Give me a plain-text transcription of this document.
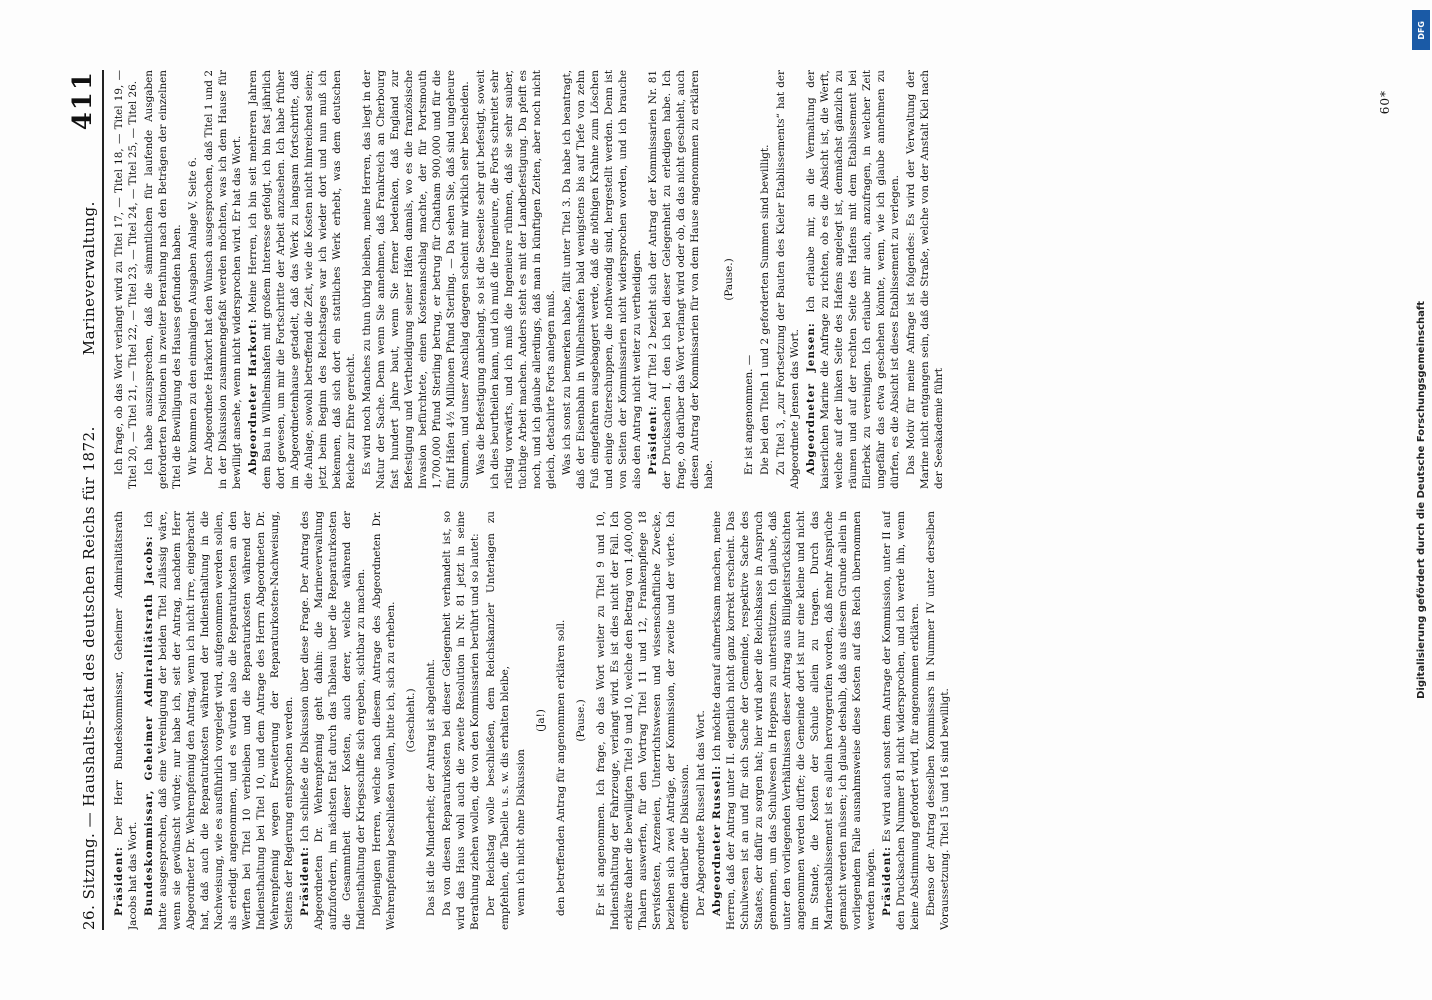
26. Sitzung. — Haushalts-Etat des deutschen Reichs für 1872.
Marineverwaltung.
411

Präsident: Der Herr Bundeskommissar, Geheimer Admiralitätsrath Jacobs hat das Wort. Bundeskommissar, Geheimer Admiralitätsrath Jacobs: Ich hatte ausgesprochen, daß eine Vereinigung der beiden Titel zulässig wäre, wenn sie gewünscht würde; nur habe ich, seit der Antrag, nachdem Herr Abgeordneter Dr. Wehrenpfennig den Antrag, wenn ich nicht irre, eingebracht hat, daß auch die Reparaturkosten während der Indiensthaltung in die Nachweisung, wie es ausführlich vorgelegt wird, aufgenommen werden sollen, als erledigt angenommen, und es würden also die Reparaturkosten an den Werften bei Titel 10 verbleiben und die Reparaturkosten während der Indiensthaltung bei Titel 10, und dem Antrage des Herrn Abgeordneten Dr. Wehrenpfennig wegen Erweiterung der Reparaturkosten-Nachweisung, Seitens der Regierung entsprochen werden. Präsident: Ich schließe die Diskussion über diese Frage. Der Antrag des Abgeordneten Dr. Wehrenpfennig geht dahin: die Marineverwaltung aufzufordern, im nächsten Etat durch das Tableau über die Reparaturkosten die Gesammtheit dieser Kosten, auch derer, welche während der Indiensthaltung der Kriegsschiffe sich ergeben, sichtbar zu machen. Diejenigen Herren, welche nach diesem Antrage des Abgeordneten Dr. Wehrenpfennig beschließen wollen, bitte ich, sich zu erheben. (Geschieht.) Das ist die Minderheit; der Antrag ist abgelehnt. Da von diesen Reparaturkosten bei dieser Gelegenheit verhandelt ist, so wird das Haus wohl auch die zweite Resolution in Nr. 81 jetzt in seine Berathung ziehen wollen, die von den Kommissarien berührt und so lautet: Der Reichstag wolle beschließen, dem Reichskanzler Unterlagen zu empfehlen, die Tabelle u. s. w. dis erhalten bleibe, wenn ich nicht ohne Diskussion

(Ja!) den betreffenden Antrag für angenommen erklären soll. (Pause.) Er ist angenommen. Ich frage, ob das Wort weiter zu Titel 9 und 10, Indiensthaltung der Fahrzeuge, verlangt wird. Es ist dies nicht der Fall. Ich erkläre daher die bewilligten Titel 9 und 10, welche den Betrag von 1,400,000 Thalern auswerfen, für den Vortrag Titel 11 und 12, Frankenpflege 18 Servisfosten, Arzeneien, Unterrichtswesen und wissenschaftliche Zwecke, beziehen sich zwei Anträge, der Kommission, der zweite und der vierte. Ich eröffne darüber die Diskussion. Der Abgeordnete Russell hat das Wort. Abgeordneter Russell: Ich möchte darauf aufmerksam machen, meine Herren, daß der Antrag unter II. eigentlich nicht ganz korrekt erscheint. Das Schulwesen ist an und für sich Sache der Gemeinde, respektive Sache des Staates, der dafür zu sorgen hat; hier wird aber die Reichskasse in Anspruch genommen, um das Schulwesen in Heppens zu unterstützen. Ich glaube, daß unter den vorliegenden Verhältnissen dieser Antrag aus Billigkeitsrücksichten angenommen werden dürfte; die Gemeinde dort ist nur eine kleine und nicht im Stande, die Kosten der Schule allein zu tragen. Durch das Marineetablissement ist es allein hervorgerufen worden, daß mehr Ansprüche gemacht werden müssen; ich glaube deshalb, daß aus diesem Grunde allein in vorliegendem Falle ausnahmsweise diese Kosten auf das Reich übernommen werden mögen. Präsident: Es wird auch sonst dem Antrage der Kommission, unter II auf den Drucksachen Nummer 81 nicht widersprochen, und ich werde ihn, wenn keine Abstimmung gefordert wird, für angenommen erklären. Ebenso der Antrag desselben Kommissars in Nummer IV unter derselben Voraussetzung. Titel 15 und 16 sind bewilligt.

Ich frage, ob das Wort verlangt wird zu Titel 17, — Titel 18, — Titel 19, — Titel 20, — Titel 21, — Titel 22, — Titel 23, — Titel 24, — Titel 25, — Titel 26. Ich habe auszusprechen, daß die sämmtlichen für laufende Ausgaben geforderten Positionen in zweiter Berathung nach den Beträgen der einzelnen Titel die Bewilligung des Hauses gefunden haben. Wir kommen zu den einmaligen Ausgaben Anlage V, Seite 6. Der Abgeordnete Harkort hat den Wunsch ausgesprochen, daß Titel 1 und 2 in der Diskussion zusammengefaßt werden möchten, was ich dem Hause für bewilligt ansehe, wenn nicht widersprochen wird. Er hat das Wort. Abgeordneter Harkort: Meine Herren, ich bin seit mehreren Jahren dem Bau in Wilhelmshafen mit großem Interesse gefolgt, ich bin fast jährlich dort gewesen, um mir die Fortschritte der Arbeit anzusehen. Ich habe früher im Abgeordnetenhause getadelt, daß das Werk zu langsam fortschritte, daß die Anlage, sowohl betreffend die Zeit, wie die Kosten nicht hinreichend seien; jetzt beim Beginn des Reichstages war ich wieder dort und nun muß ich bekennen, daß sich dort ein stattliches Werk erhebt, was dem deutschen Reiche zur Ehre gereicht. Es wird noch Manches zu thun übrig bleiben, meine Herren, das liegt in der Natur der Sache. Denn wenn Sie annehmen, daß Frankreich an Cherbourg fast hundert Jahre baut, wenn Sie ferner bedenken, daß England zur Befestigung und Vertheidigung seiner Häfen damals, wo es die französische Invasion befürchtete, einen Kostenanschlag machte, der für Portsmouth 1,700,000 Pfund Sterling betrug, er betrug für Chatham 900,000 und für die fünf Häfen 4½ Millionen Pfund Sterling. — Da sehen Sie, daß sind ungeheure Summen, und unser Anschlag dagegen scheint mir wirklich sehr bescheiden. Was die Befestigung anbelangt, so ist die Seeseite sehr gut befestigt, soweit ich dies beurtheilen kann, und ich muß die Ingenieure, die Forts schreitet sehr rüstig vorwärts, und ich muß die Ingenieure rühmen, daß sie sehr sauber, tüchtige Arbeit machen. Anders steht es mit der Landbefestigung. Da pfeift es noch, und ich glaube allerdings, daß man in künftigen Zeiten, aber noch nicht gleich, detachirte Forts anlegen muß. Was ich sonst zu bemerken habe, fällt unter Titel 3. Da habe ich beantragt, daß der Eisenbahn in Wilhelmshafen bald wenigstens bis auf Tiefe von zehn Fuß eingefahren ausgebaggert werde, daß die nöthigen Krahne zum Löschen und einige Güterschuppen, die nothwendig sind, hergestellt werden. Denn ist von Seiten der Kommissarien nicht widersprochen worden, und ich brauche also den Antrag nicht weiter zu vertheidigen. Präsident: Auf Titel 2 bezieht sich der Antrag der Kommissarien Nr. 81 der Drucksachen I, den ich bei dieser Gelegenheit zu erledigen habe. Ich frage, ob darüber das Wort verlangt wird oder ob, da das nicht geschieht, auch diesen Antrag der Kommissarien für von dem Hause angenommen zu erklären habe.

(Pause.)

Er ist angenommen. — Die bei den Titeln 1 und 2 geforderten Summen sind bewilligt. Zu Titel 3, „zur Fortsetzung der Bauten des Kieler Etablissements“ hat der Abgeordnete Jensen das Wort. Abgeordneter Jensen: Ich erlaube mir, an die Vermaltung der kaiserlichen Marine die Anfrage zu richten, ob es die Absicht ist, die Werft, welche auf der linken Seite des Hafens angelegt ist, demnächst gänzlich zu räumen und auf der rechten Seite des Hafens mit dem Etablissement bei Ellerbek zu vereinigen. Ich erlaube mir auch, anzufragen, in welcher Zeit ungefähr das etwa geschehen könnte, wenn, wie ich glaube annehmen zu dürfen, es die Absicht ist dieses Etablissement zu verlegen. Das Motiv für meine Anfrage ist folgendes: Es wird der Verwaltung der Marine nicht entgangen sein, daß die Straße, welche von der Anstalt Kiel nach der Seeakademie führt

60*
DFG
Digitalisierung gefördert durch die Deutsche Forschungsgemeinschaft
